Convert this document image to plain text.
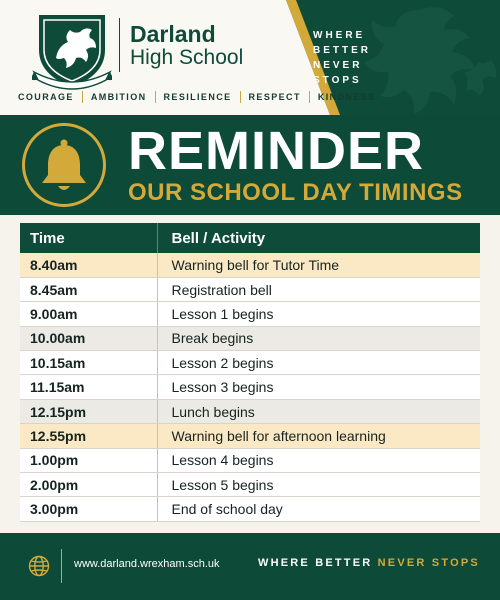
Darland
High School
COURAGE AMBITION RESILIENCE RESPECT KINDNESS
WHERE
BETTER
NEVER
STOPS
REMINDER
OUR SCHOOL DAY TIMINGS
Time	Bell / Activity
8.40am	Warning bell for Tutor Time
8.45am	Registration bell
9.00am	Lesson 1 begins
10.00am	Break begins
10.15am	Lesson 2 begins
11.15am	Lesson 3 begins
12.15pm	Lunch begins
12.55pm	Warning bell for afternoon learning
1.00pm	Lesson 4 begins
2.00pm	Lesson 5 begins
3.00pm	End of school day
www.darland.wrexham.sch.uk	WHERE BETTER NEVER STOPS
